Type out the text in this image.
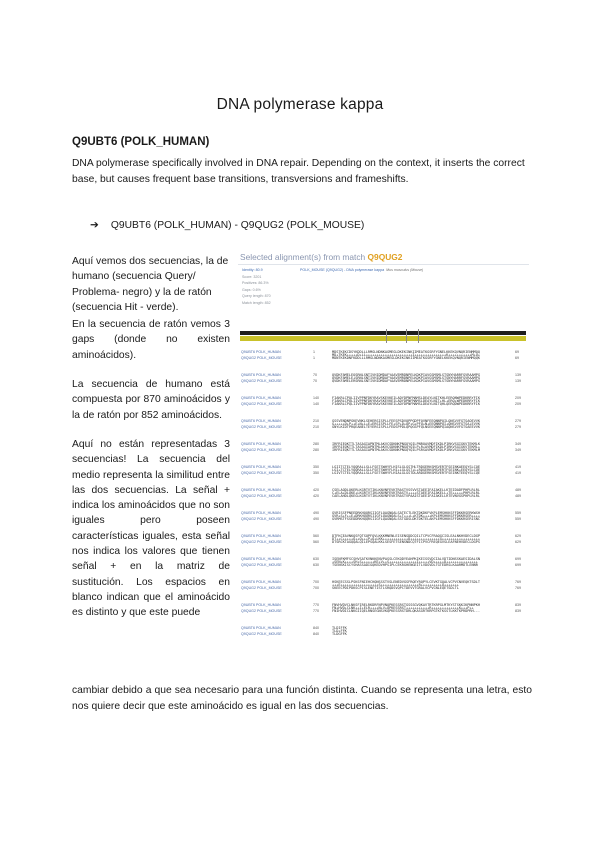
DNA polymerase kappa
Q9UBT6 (POLK_HUMAN)
DNA polymerase specifically involved in DNA repair. Depending on the context, it inserts the correct base, but causes frequent base transitions, transversions and frameshifts.
➔ Q9UBT6 (POLK_HUMAN) - Q9QUG2 (POLK_MOUSE)

Aquí vemos dos secuencias, la de humano (secuencia Query/ Problema- negro) y la de ratón (secuencia Hit - verde).

En la secuencia de ratón vemos 3 gaps (donde no existen aminoácidos).

La secuencia de humano está compuesta por 870 aminoácidos y la de ratón por 852 aminoácidos.

Aquí no están representadas 3 secuencias! La secuencia del medio representa la similitud entre las dos secuencias. La señal + indica los aminoácidos que no son iguales pero poseen características iguales, esta señal nos indica los valores que tienen señal + en la matriz de sustitución. Los espacios en blanco indican que el aminoácido es distinto y que este puede

cambiar debido a que sea necesario para una función distinta. Cuando se representa una letra, esto nos quiere decir que este aminoácido es igual en las dos secuencias.
Selected alignment(s) from match Q9QUG2
Identity: 80.9
Score: 3201
Positives: 86.3%
Gaps: 0.6%
Query length: 870
Match length: 852
POLK_MOUSE (Q9QUG2) - DNA polymerase kappa Mus musculus (Mouse)
Q9UBT6 POLK_HUMAN	1	MDSTKEKCDSYKDDLLLRMGLNDNKAGMEGLDKEKINKIIMEATKGSRFYGNELKKEKQVNQRIENMMQQ	69
MD+TKEK+++++D+LL++++++++++++++++++++++I+++++++++++++++K+++++++++++M+Q+
Q9QUG2 POLK_MOUSE	1	MDNTKEKDNFKDDLLLRMGLNDNKAGMEGLDKEKINKIIMEATKGSRFYGNELKKEKQVNQRIENMMQQK	69
Q9UBT6 POLK_HUMAN	70	QVDKFAMELEQSRNLSNTIVHIDMDAFYAAVEMRDNPELKDKPIAVGSMSMLSTSNYHARRFGVRAAMPG	139
QVDKFAMELE+SRNLSNTIVHIDMDAFYAAVEMRDNPELKDKPIAVGSMSMLSTSNYHARRFGVRAAMPG
Q9QUG2 POLK_MOUSE	70	QVDKFAMELERSRNLSNTIVHIDMDAFYAAVEMRDNPELKDKPIAVGSMSMLSTSNYHARRFGVRAAMPG	139
Q9UBT6 POLK_HUMAN	140	FIAKRLCPQLIIVPPNFDKYRAVSKEVKEILADYDPNFMAMSLDEAYLNITKHLEERQNWPEDKRRYFIK	209
FIAKRLCPQLIIVPPNFDKYRAVSKEVKEILADYDPNFMAMSLDEAYLNIT+HL+ERQ+WPEDKRRYFIK
Q9QUG2 POLK_MOUSE	140	FIAKRLCPQLIIVPPNFDKYRAVSKEVKEILADYDPNFMAMSLDEAYLNITQHLQERQDWPEDKRRYFIK	209
Q9UBT6 POLK_HUMAN	210	GSSVENDNPGKEVNKLSEHERSISPLLFEESPSDVQPPGDPFQVNFEEQNNPQILQNSVVFGTSAQEVVK	279
G+++++D+P++E+N+L+E+ERSISPLLFE+SP+D+QP+G+PFQ+N+EEQNNPQI+QNSVVFGTSA+EVVK
Q9QUG2 POLK_MOUSE	210	GNYLKIDTPRQEANELTEYERSISPLLFEDSPPDLQPQGSPFQLNSEEQNNPQIAQNSVVFGTSAEEVVK	279
Q9UBT6 POLK_HUMAN	280	IRFRIEQKTTLTASAGIAPNTMLAKVCSDKNKPNGQYQILPNRQAVMDFIKDLPIRKVSGIGKVTEKMLK	349
IRFRIEQKTTLTASAGIAPNTMLAKVCSDKNKPNGQYQILP+R+AVMDFIKDLPIRKVSGIGKVTEKML+
Q9QUG2 POLK_MOUSE	280	IRFRIEQKTTLTASAGIAPNTMLAKVCSDKNKPNGQYQILPSRSAVMDFIKDLPIRKVSGIGKVTEKMLM	349
Q9UBT6 POLK_HUMAN	350	LGIITCTELYQQRALLSLLFSETSWHYFLHISLGLGSTHLTRDGERKSMSVERTFSEINKAEEQYSLCQE	419
LGI+TCTELYQQRALLSLLFSETSWHYFLHI+LGLGST+L+RDGERKSMSVERTFSEINK+EEQYSLCQE
Q9QUG2 POLK_MOUSE	350	LGIVTCTELYQQRALLSLLFSETSWHYFLHIALGLGSTDLARDGERKSMSVERTFSEINKTEEQYSLCQE	419
Q9UBT6 POLK_HUMAN	420	CSELAQDLQKERLKGRTVTIKLKNVNFEVKTRASTVSSVVSTAEEIFAIAKELLKTEIDADFPHPLRLRL	489
C+ELA+DLQKE+LKGRTVTIKLKNVNFEVKTRASTV++++STAEEIFAIAKELL+TE+++++PHPLRLRL
Q9QUG2 POLK_MOUSE	420	CAELAHDLQKEGLKGRTVTIKLKNVNFEVKTRASTVPAAISTAEEIFAIAKELLRTEVNVGSPHPLRLRL	489
Q9UBT6 POLK_HUMAN	490	GVRISSFPNEEDRKHQQRSIIGFLQAGNQALSATECTLEKTDKDKFVKPLEMSHKKSFFDKKRSERKWSH	559
GVR+S+F++E+DRKHQQRSIIGFLQAGNQALS+T+++L+KTDK++++KPLEMSHKKSFFDKKRSER++++
Q9QUG2 POLK_MOUSE	490	GVRMSTFSSEDDRKHQQRSIIGFLQAGNQALSSTGDSLDKTDKTELAKPLEMSHKKSFFDKKRSERISNC	559
Q9UBT6 POLK_HUMAN	560	DTFKCEAVNKQSFQTSQPFQVLKKKMNENLEISENSDDCQILTCPVCFRAQGCISLEALNKHVDECLDGP	629
DT++C+++++Q++Q+++P+Q+LKK++++++++++++D++++++++++++++G++++++++++++++++++
Q9QUG2 POLK_MOUSE	560	DTSRCKTAGQQALQILEPSQALKKLSESFETSENSNDCQTFICPVCFREQEGVSLEAFNEHVDECLDGPS	629
Q9UBT6 POLK_HUMAN	630	ISENFKMFSCSHVSATKVNKKENVPASSLCEKQDYEAHPKIKEISSVDCIALVDTIDNSSKAESIDALSN	699
+SEN+K++++SH+S++++++KE+V++S+++++++++++++I+++++VD+++++D+++++++++++++++
Q9QUG2 POLK_MOUSE	630	TSENSKISCYSHASSADIGQKEDVHPSIPLCEKRGHENGEITLVDGVDLTGTEDRSLKAARMDTLENNR	699
Q9UBT6 POLK_HUMAN	700	HSKEECSSLPSKSFNIEHCHQNSSSTVSLENEDVGSFRQEYRQPYLCEVKTGQALVCPVCNVEQKTSDLT	769
+++E++++++++++++++++++S++++++++++++++++++R++++++++++Q+++++++
Q9QUG2 POLK_MOUSE	700	SKEECPDIPDKSCPISLENETISTLSRQDSVQPCTDEVVTGRALVCPVCNLEQETSDLTL	769
Q9UBT6 POLK_HUMAN	770	FNVHVDVCLNKSFIRELRKDRFNPVNQPKESSRSTGSSSGVQKAVTRTKRPGLMTKYSTSKKIKPNNPKH	839
FN+HVD+CLNK++I+ELR++++N+V+QPKESSRST+++++++++++R+++++++++++++K+++P++
Q9QUG2 POLK_MOUSE	770	FNIHVDICLNKGIIQELRNSEGNSVKQPKESSRSTDRLQKASGRTKRPGTKTKSSTLKKTKPRDPRH---	839
Q9UBT6 POLK_HUMAN	840	TLDIFFK
TLD+FFK
Q9QUG2 POLK_MOUSE	840	TLDGFFK
